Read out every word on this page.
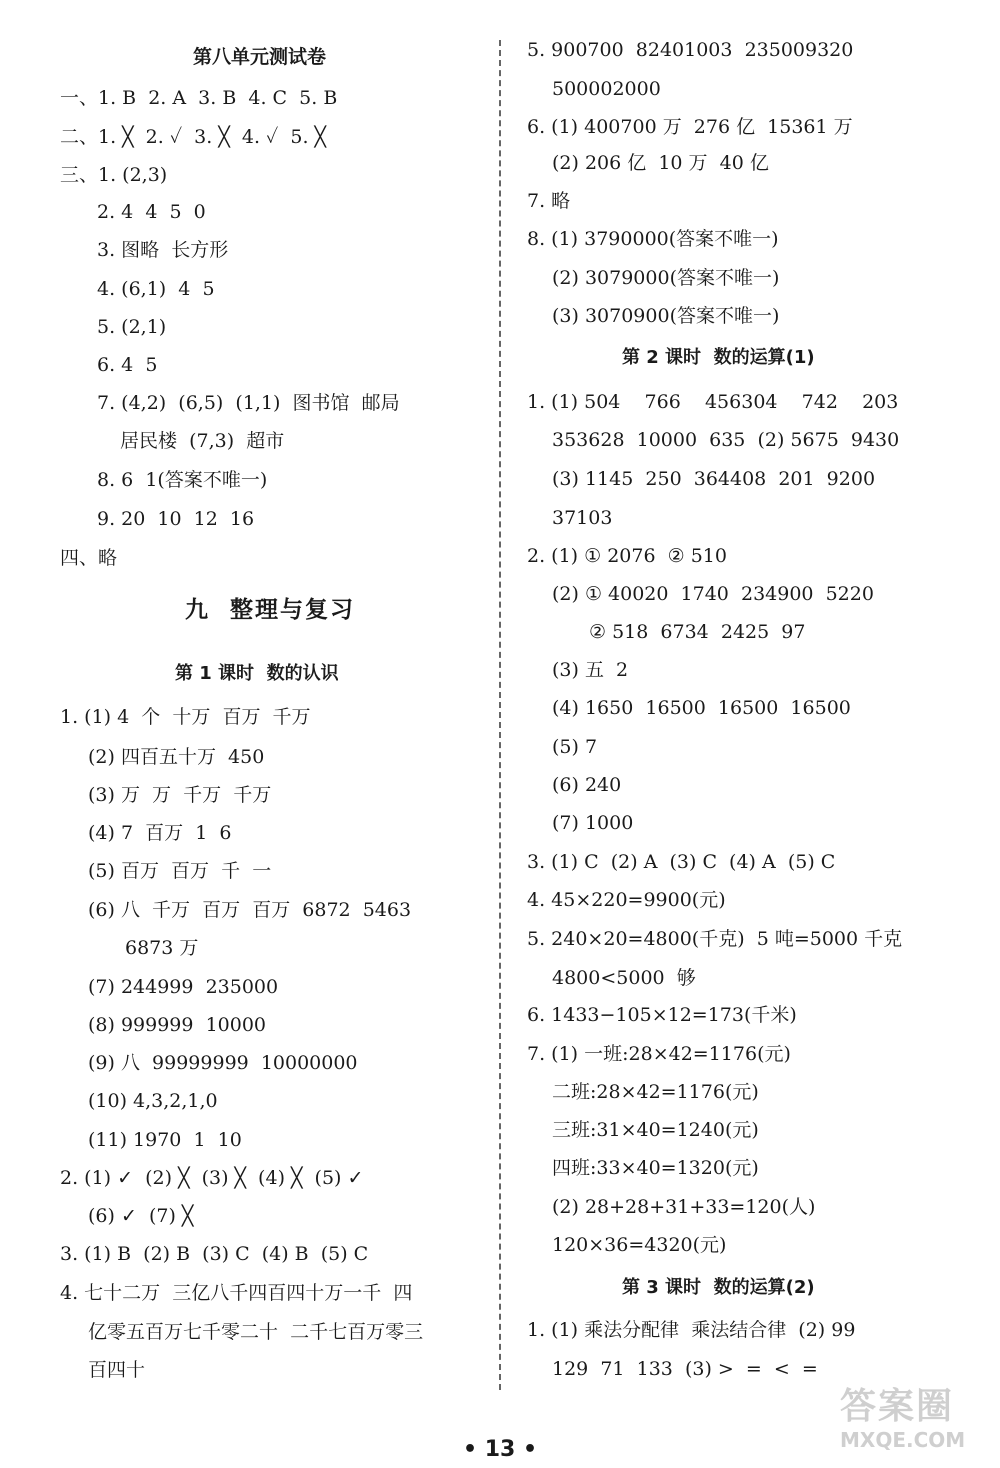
第八单元测试卷
一、1. B  2. A  3. B  4. C  5. B
二、1. ╳  2. ✓  3. ╳  4. ✓  5. ╳
三、1. (2,3)
2. 4  4  5  0
3. 图略  长方形
4. (6,1)  4  5
5. (2,1)
6. 4  5
7. (4,2)  (6,5)  (1,1)  图书馆  邮局
居民楼  (7,3)  超市
8. 6  1(答案不唯一)
9. 20  10  12  16
四、略
九  整理与复习
第 1 课时  数的认识
1. (1) 4  个  十万  百万  千万
(2) 四百五十万  450
(3) 万  万  千万  千万
(4) 7  百万  1  6
(5) 百万  百万  千  一
(6) 八  千万  百万  百万  6872  5463
6873 万
(7) 244999  235000
(8) 999999  10000
(9) 八  99999999  10000000
(10) 4,3,2,1,0
(11) 1970  1  10
2. (1) ✓  (2) ╳  (3) ╳  (4) ╳  (5) ✓
(6) ✓  (7) ╳
3. (1) B  (2) B  (3) C  (4) B  (5) C
4. 七十二万  三亿八千四百四十万一千  四
亿零五百万七千零二十  二千七百万零三
百四十
5. 900700  82401003  235009320
500002000
6. (1) 400700 万  276 亿  15361 万
(2) 206 亿  10 万  40 亿
7. 略
8. (1) 3790000(答案不唯一)
(2) 3079000(答案不唯一)
(3) 3070900(答案不唯一)
第 2 课时  数的运算(1)
1. (1) 504    766    456304    742    203
353628  10000  635  (2) 5675  9430
(3) 1145  250  364408  201  9200
37103
2. (1) ① 2076  ② 510
(2) ① 40020  1740  234900  5220
② 518  6734  2425  97
(3) 五  2
(4) 1650  16500  16500  16500
(5) 7
(6) 240
(7) 1000
3. (1) C  (2) A  (3) C  (4) A  (5) C
4. 45×220=9900(元)
5. 240×20=4800(千克)  5 吨=5000 千克
4800<5000  够
6. 1433−105×12=173(千米)
7. (1) 一班:28×42=1176(元)
二班:28×42=1176(元)
三班:31×40=1240(元)
四班:33×40=1320(元)
(2) 28+28+31+33=120(人)
120×36=4320(元)
第 3 课时  数的运算(2)
1. (1) 乘法分配律  乘法结合律  (2) 99
129  71  133  (3) >  =  <  =
• 13 •
答案圈
MXQE.COM
